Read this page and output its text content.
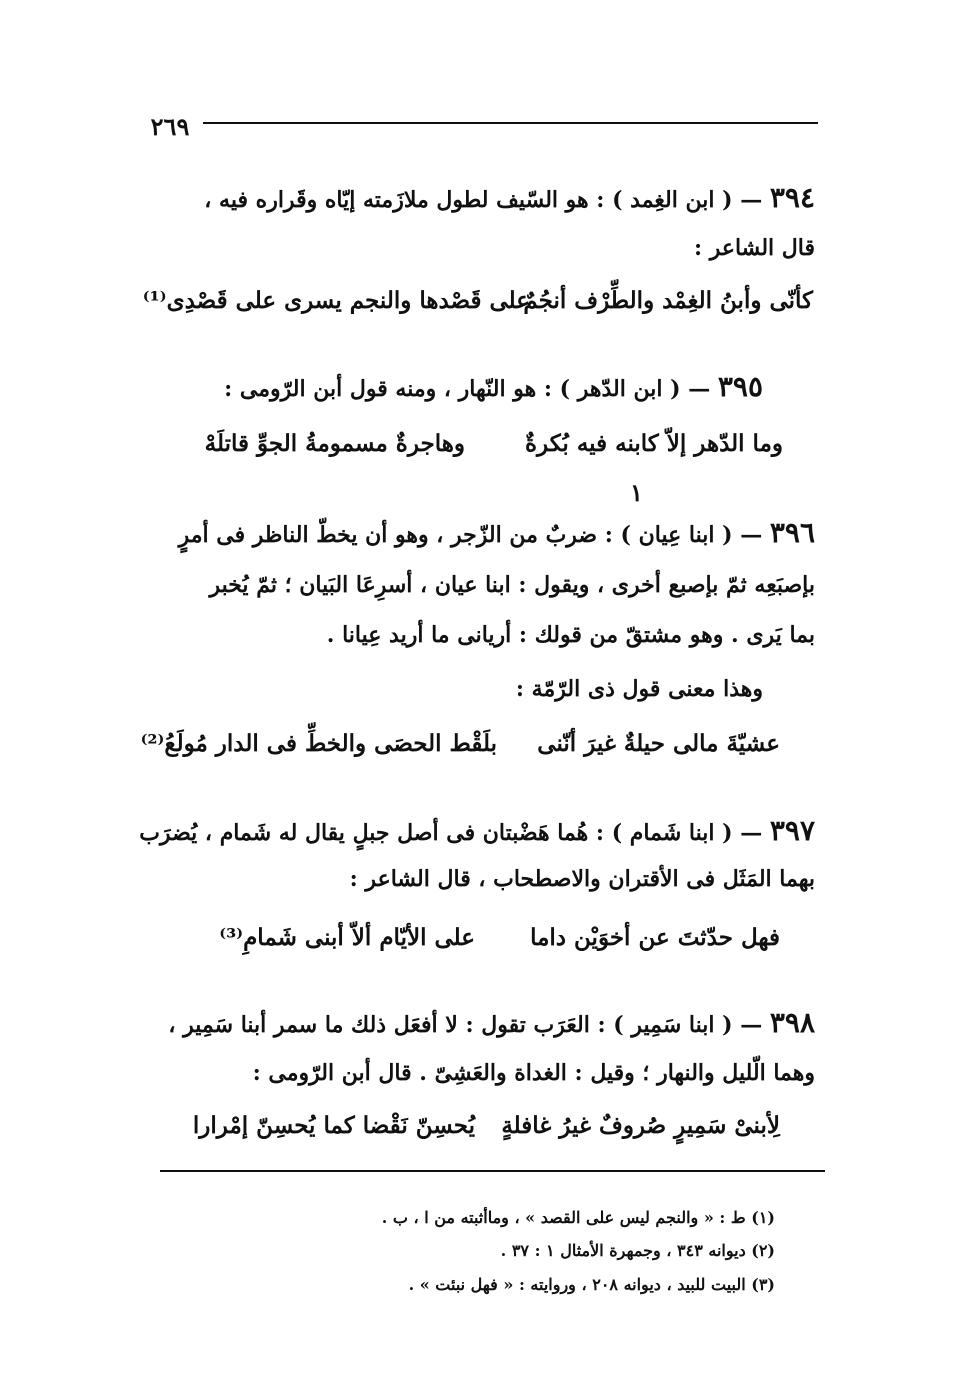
٢٦٩
٣٩٤ — ( ابن الغِمد ) : هو السّيف لطول ملازَمته إيّاه وقَراره فيه ،
قال الشاعر :
كأنّى وأبنُ الغِمْد والطِّرْف أنجُمٌ
على قَصْدها والنجم يسرى على قَصْدِى⁽¹⁾
٣٩٥ — ( ابن الدّهر ) : هو النّهار ، ومنه قول أبن الرّومى :
وما الدّهر إلاّ كابنه فيه بُكرةٌ
وهاجرةٌ مسمومةُ الجوِّ قاتلَهْ
١
٣٩٦ — ( ابنا عِيان ) : ضربٌ من الزّجر ، وهو أن يخطّ الناظر فى أمرٍ
بإصبَعِه ثمّ بإصبع أخرى ، ويقول : ابنا عيان ، أسرِعَا البَيان ؛ ثمّ يُخبر
بما يَرى . وهو مشتقّ من قولك : أريانى ما أريد عِيانا .
وهذا معنى قول ذى الرّمّة :
عشيّةَ مالى حيلةٌ غيرَ أنّنى
بلَقْط الحصَى والخطِّ فى الدار مُولَعُ⁽²⁾
٣٩٧ — ( ابنا شَمام ) : هُما هَضْبتان فى أصل جبلٍ يقال له شَمام ، يُضرَب
بهما المَثَل فى الأقتران والاصطحاب ، قال الشاعر :
فهل حدّثتَ عن أخوَيْن داما
على الأيّام ألاّ أبنى شَمامِ⁽³⁾
٣٩٨ — ( ابنا سَمِير ) : العَرَب تقول : لا أفعَل ذلك ما سمر أبنا سَمِير ،
وهما الّليل والنهار ؛ وقيل : الغداة والعَشِىّ . قال أبن الرّومى :
لِأبنىْ سَمِيرٍ صُروفٌ غيرُ غافلةٍ
يُحسِنّ نَقْضا كما يُحسِنّ إمْرارا
(١) ط : « والنجم ليس على القصد » ، وماأثبته من ا ، ب .
(٢) ديوانه ٣٤٣ ، وجمهرة الأمثال ١ : ٣٧ .
(٣) البيت للبيد ، ديوانه ٢٠٨ ، وروايته : « فهل نبئت » .
